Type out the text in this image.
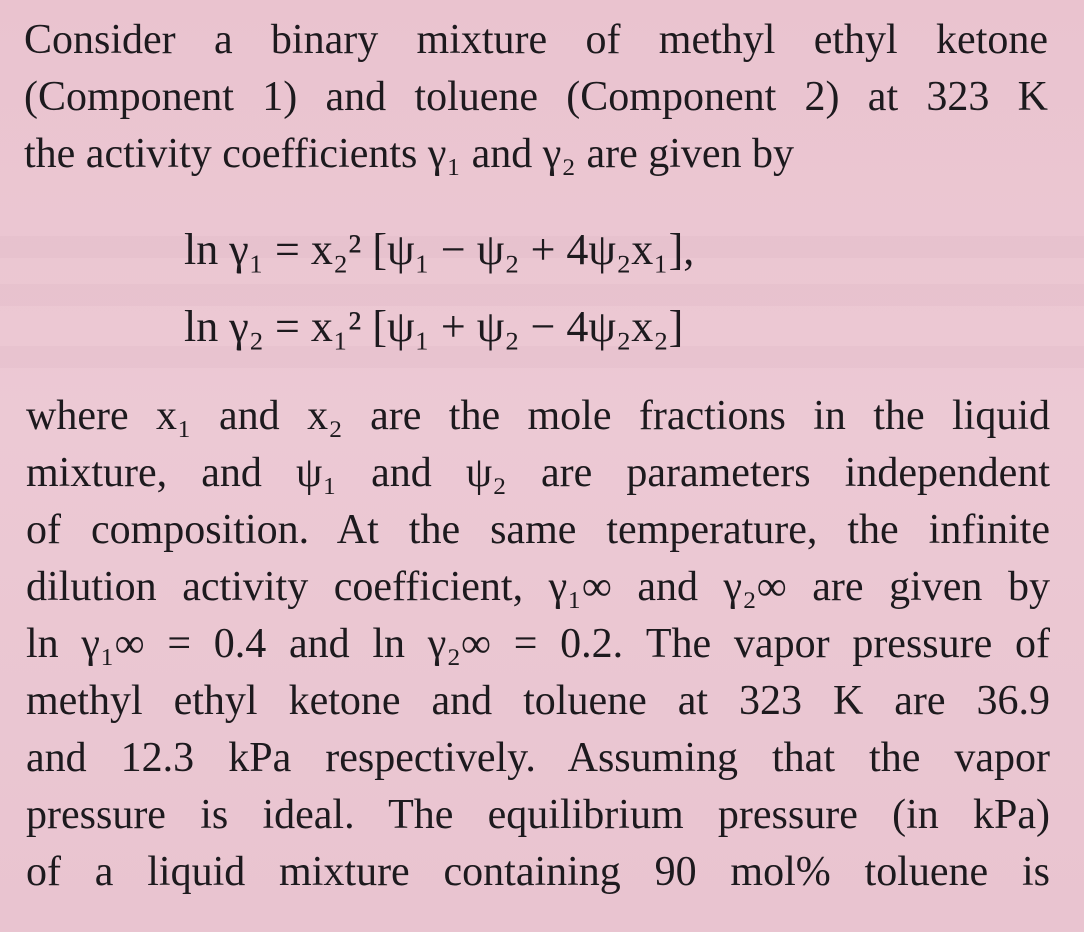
Consider a binary mixture of methyl ethyl ketone
(Component 1) and toluene (Component 2) at 323 K
the activity coefficients γ₁ and γ₂ are given by
ln γ₁ = x₂² [ψ₁ − ψ₂ + 4ψ₂x₁],
ln γ₂ = x₁² [ψ₁ + ψ₂ − 4ψ₂x₂]
where x₁ and x₂ are the mole fractions in the liquid
mixture, and ψ₁ and ψ₂ are parameters independent
of composition. At the same temperature, the infinite
dilution activity coefficient, γ₁∞ and γ₂∞ are given by
ln γ₁∞ = 0.4 and ln γ₂∞ = 0.2. The vapor pressure of
methyl ethyl ketone and toluene at 323 K are 36.9
and 12.3 kPa respectively. Assuming that the vapor
pressure is ideal. The equilibrium pressure (in kPa)
of a liquid mixture containing 90 mol% toluene is
